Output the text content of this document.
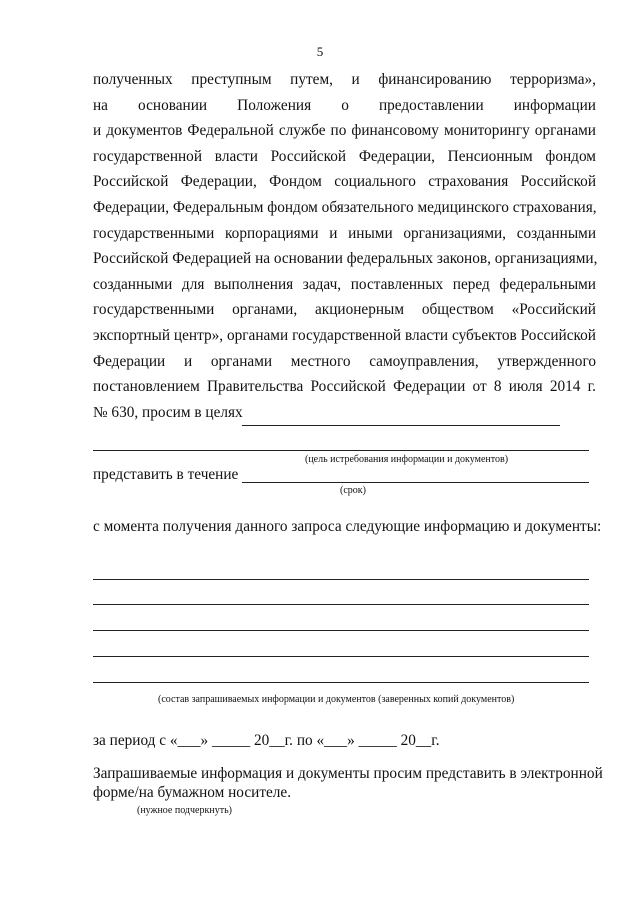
5
полученных преступным путем, и финансированию терроризма»,
на основании Положения о предоставлении информации
и документов Федеральной службе по финансовому мониторингу органами
государственной власти Российской Федерации, Пенсионным фондом
Российской Федерации, Фондом социального страхования Российской
Федерации, Федеральным фондом обязательного медицинского страхования,
государственными корпорациями и иными организациями, созданными
Российской Федерацией на основании федеральных законов, организациями,
созданными для выполнения задач, поставленных перед федеральными
государственными органами, акционерным обществом «Российский
экспортный центр», органами государственной власти субъектов Российской
Федерации и органами местного самоуправления, утвержденного
постановлением Правительства Российской Федерации от 8 июля 2014 г.
№ 630, просим в целях
(цель истребования информации и документов)
представить в течение
(срок)
с момента получения данного запроса следующие информацию и документы:
(состав запрашиваемых информации и документов (заверенных копий документов)
за период с «___» _____ 20__г. по «___» _____ 20__г.
Запрашиваемые информация и документы просим представить в электронной
форме/на бумажном носителе.
(нужное подчеркнуть)
